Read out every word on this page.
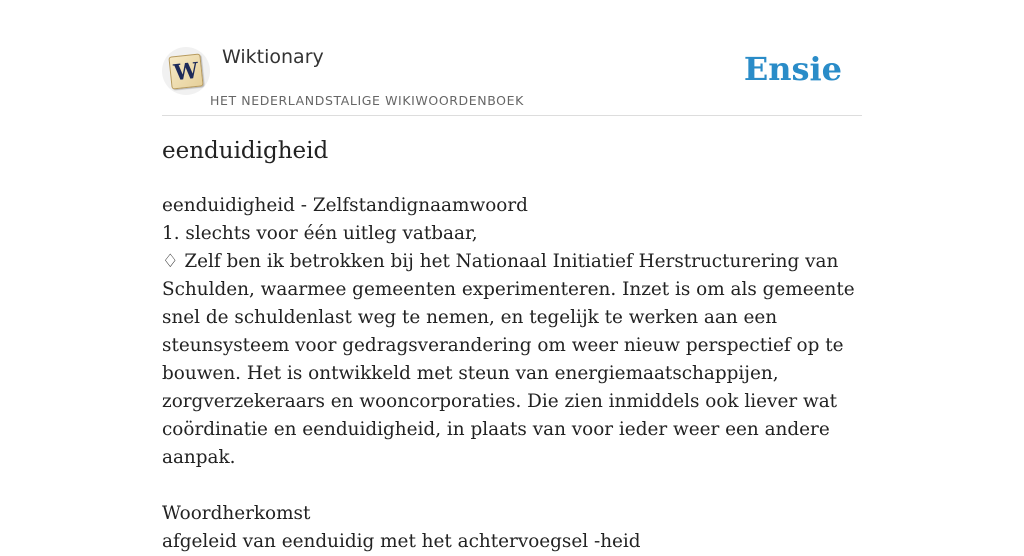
W
Wiktionary
HET NEDERLANDSTALIGE WIKIWOORDENBOEK
Ensie
eenduidigheid

eenduidigheid - Zelfstandignaamwoord

1. slechts voor één uitleg vatbaar,

♢ Zelf ben ik betrokken bij het Nationaal Initiatief Herstructurering van Schulden, waarmee gemeenten experimenteren. Inzet is om als gemeente snel de schuldenlast weg te nemen, en tegelijk te werken aan een steunsysteem voor gedragsverandering om weer nieuw perspectief op te bouwen. Het is ontwikkeld met steun van energiemaatschappijen, zorgverzekeraars en wooncorporaties. Die zien inmiddels ook liever wat coördinatie en eenduidigheid, in plaats van voor ieder weer een andere aanpak.

Woordherkomst

afgeleid van eenduidig met het achtervoegsel -heid
